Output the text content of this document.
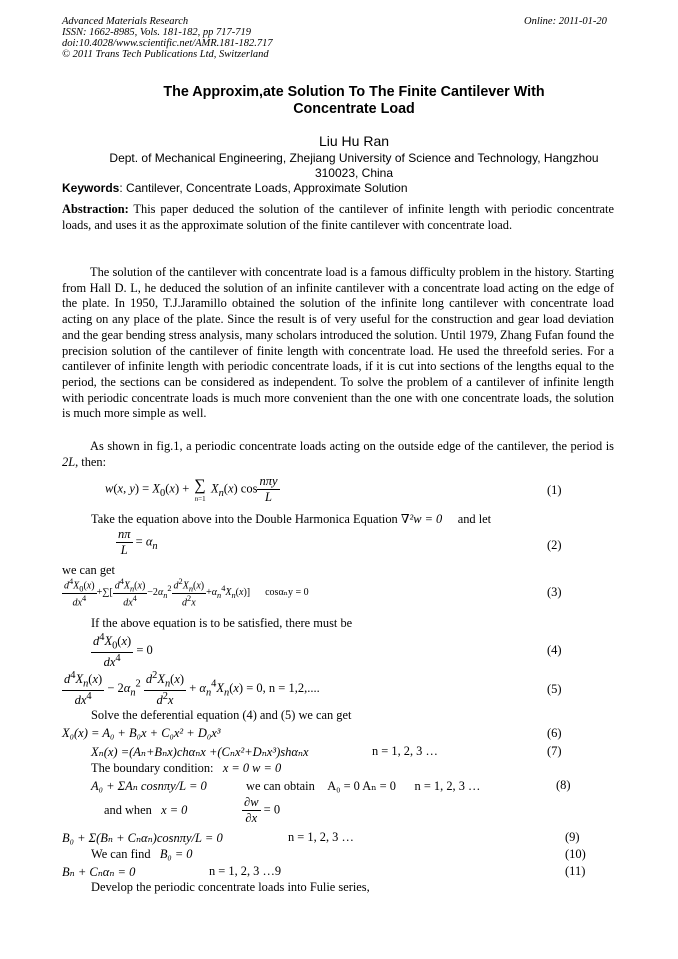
Advanced Materials Research
ISSN: 1662-8985, Vols. 181-182, pp 717-719
doi:10.4028/www.scientific.net/AMR.181-182.717
© 2011 Trans Tech Publications Ltd, Switzerland
Online: 2011-01-20
The Approxim,ate Solution To The Finite Cantilever With
Concentrate Load
Liu Hu Ran
Dept. of Mechanical Engineering, Zhejiang University of Science and Technology, Hangzhou
310023, China
Keywords: Cantilever, Concentrate Loads, Approximate Solution
Abstraction: This paper deduced the solution of the cantilever of infinite length with periodic concentrate loads, and uses it as the approximate solution of the finite cantilever with concentrate load.
The solution of the cantilever with concentrate load is a famous difficulty problem in the history. Starting from Hall D. L, he deduced the solution of an infinite cantilever with a concentrate load acting on the edge of the plate. In 1950, T.J.Jaramillo obtained the solution of the infinite long cantilever with concentrate load acting on any place of the plate. Since the result is of very useful for the construction and gear load deviation and the gear bending stress analysis, many scholars introduced the solution. Until 1979, Zhang Fufan found the precision solution of the cantilever of finite length with concentrate load. He used the threefold series. For a cantilever of infinite length with periodic concentrate loads, if it is cut into sections of the lengths equal to the period, the sections can be considered as independent. To solve the problem of a cantilever of infinite length with periodic concentrate loads is much more convenient than the one with one concentrate loads, the solution is much more simple as well.
As shown in fig.1, a periodic concentrate loads acting on the outside edge of the cantilever, the period is 2L, then:
w(x, $y) = X_0(x)$ + ∑
n=1
$X_n(x)$ $\cos \frac{\text{nπy}}{L}$	(1)
Take the equation above into the Double Harmonica Equation ∇²w = 0 and let
$\frac{n\pi}{L} = \alpha_n$	(2)
we can get
$\frac{d^4X_0(x)}{dx^4}$ +∑[ $\frac{d^4X_n(x)}{dx^4} -2\alpha_n^2 \frac{d^2X_n(x)}{d^2x} +\alpha_n^4X_n(x)$]      cosαₙy = 0	(3)
If the above equation is to be satisfied, there must be
$\frac{d^4X_0(x)}{dx^4} = 0$	(4)
$\frac{d^4X_n(x)}{dx^4} - 2\alpha_n^2 \frac{d^2X_n(x)}{d^2x} + \alpha_n^4X_n(x) = 0$, n = 1,2,....	(5)
Solve the deferential equation (4) and (5) we can get
X₀(x) = A₀ + B₀x + C₀x² + D₀x³	(6)
Xₙ(x) =(Aₙ+Bₙx)chαₙx +(Cₙx²+Dₙx³)shαₙx	n = 1, 2, 3 …	(7)
The boundary condition: x = 0 w = 0
A₀ + ΣAₙ cosnπy/L = 0	we can obtain A₀ = 0 Aₙ = 0 n = 1, 2, 3 …	(8)
and when x = 0	$\frac{\partial w}{\partial x} = 0$
B₀ + Σ(Bₙ + Cₙαₙ)cosnπy/L = 0	n = 1, 2, 3 …	(9)
We can find B₀ = 0	(10)
Bₙ + Cₙαₙ = 0	n = 1, 2, 3 …9	(11)
Develop the periodic concentrate loads into Fulie series,
